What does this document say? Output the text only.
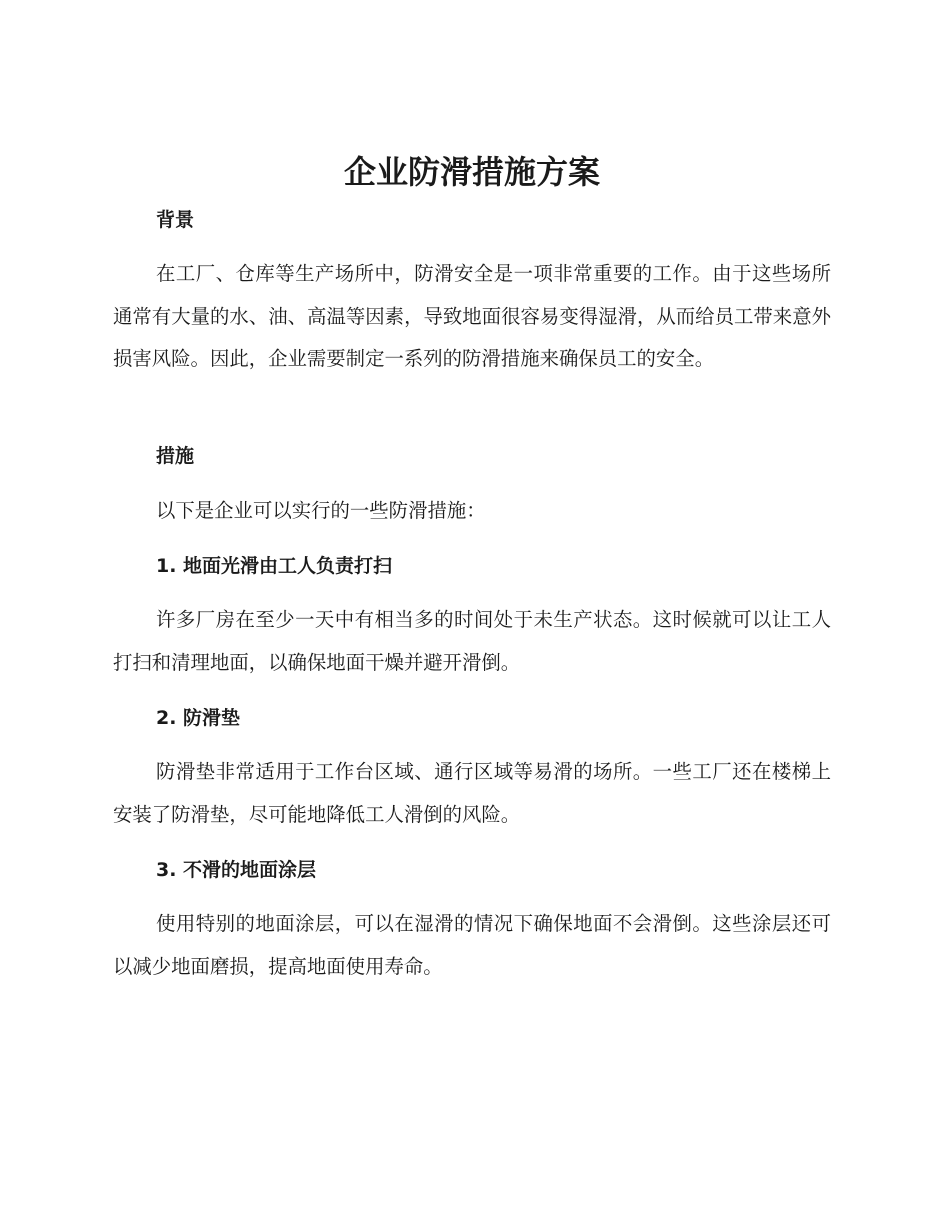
企业防滑措施方案
背景

在工厂、仓库等生产场所中，防滑安全是一项非常重要的工作。由于这些场所通常有大量的水、油、高温等因素，导致地面很容易变得湿滑，从而给员工带来意外损害风险。因此，企业需要制定一系列的防滑措施来确保员工的安全。

措施

以下是企业可以实行的一些防滑措施：

1. 地面光滑由工人负责打扫

许多厂房在至少一天中有相当多的时间处于未生产状态。这时候就可以让工人打扫和清理地面，以确保地面干燥并避开滑倒。

2. 防滑垫

防滑垫非常适用于工作台区域、通行区域等易滑的场所。一些工厂还在楼梯上安装了防滑垫，尽可能地降低工人滑倒的风险。

3. 不滑的地面涂层

使用特别的地面涂层，可以在湿滑的情况下确保地面不会滑倒。这些涂层还可以减少地面磨损，提高地面使用寿命。
